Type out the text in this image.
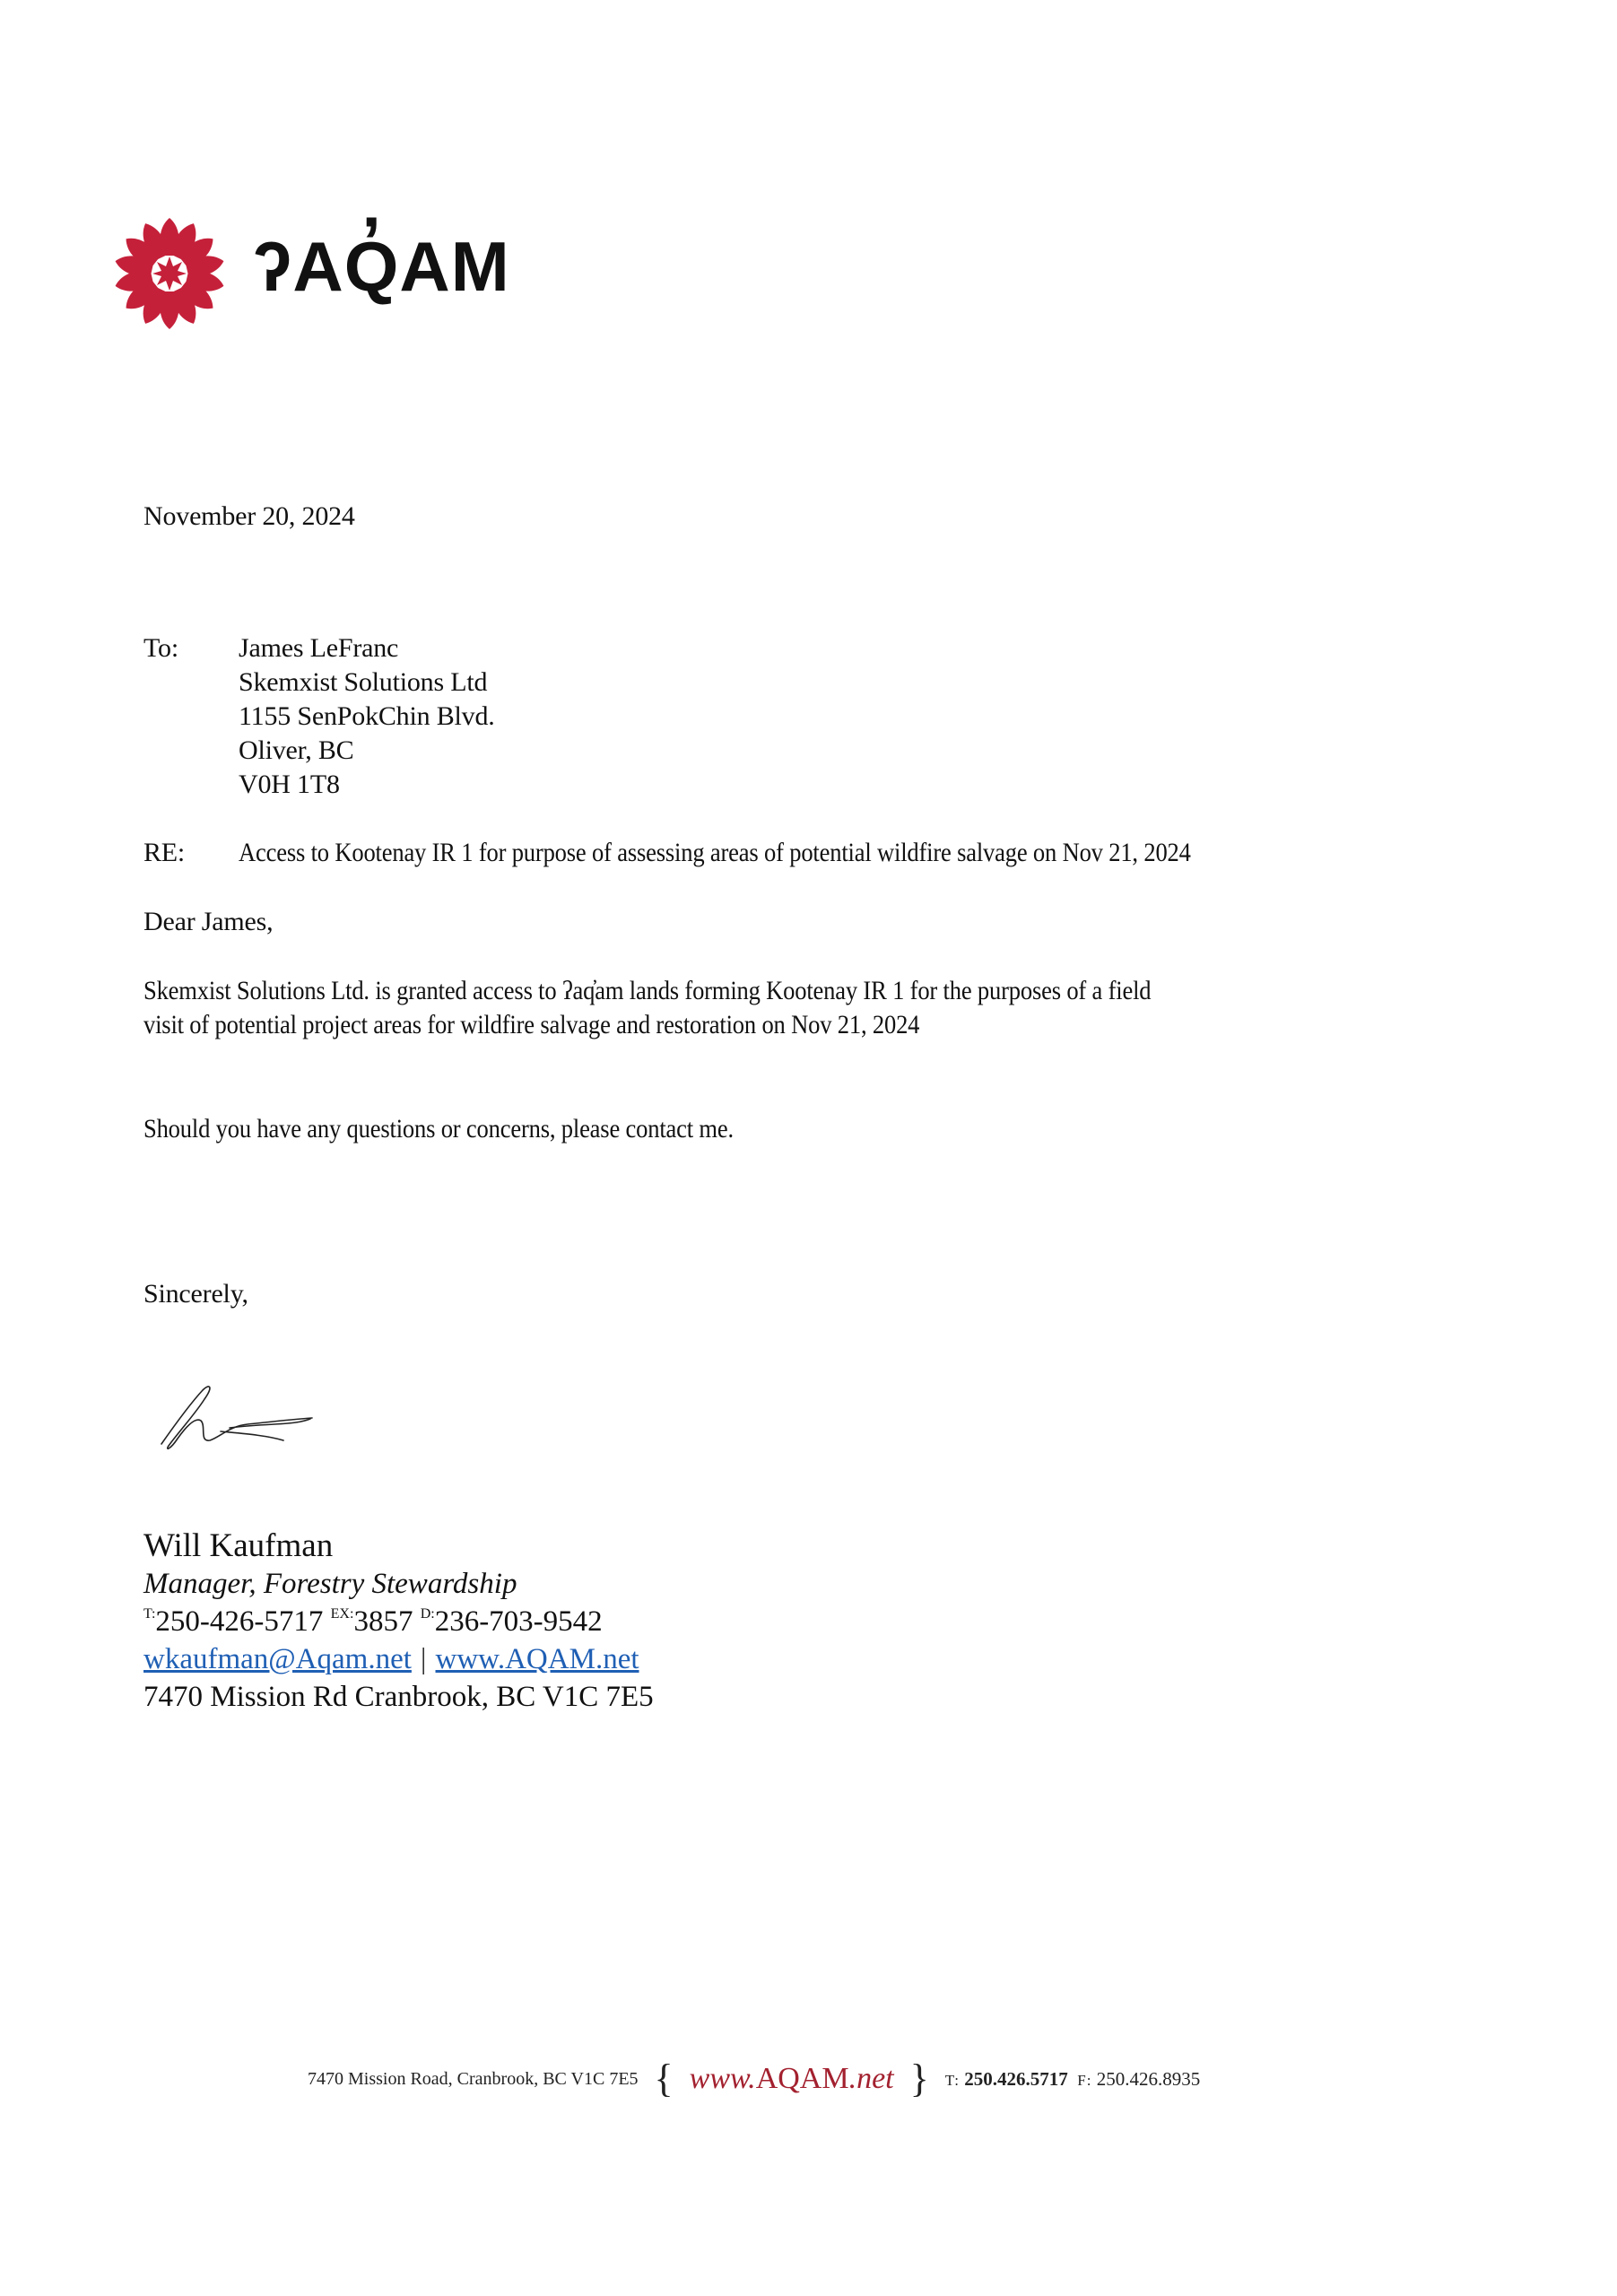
ʔAQ̓AM
November 20, 2024
To: James LeFranc
Skemxist Solutions Ltd
1155 SenPokChin Blvd.
Oliver, BC
V0H 1T8
RE: Access to Kootenay IR 1 for purpose of assessing areas of potential wildfire salvage on Nov 21, 2024
Dear James,
Skemxist Solutions Ltd. is granted access to ʔaq̓am lands forming Kootenay IR 1 for the purposes of a field
visit of potential project areas for wildfire salvage and restoration on Nov 21, 2024
Should you have any questions or concerns, please contact me.
Sincerely,
Will Kaufman
Manager, Forestry Stewardship
$^{T:}$250-426-5717 $^{EX:}$3857 $^{D:}$236-703-9542
wkaufman@Aqam.net | www.AQAM.net
7470 Mission Rd Cranbrook, BC V1C 7E5
7470 Mission Road, Cranbrook, BC V1C 7E5 { www.AQAM.net } T: 250.426.5717 F: 250.426.8935
